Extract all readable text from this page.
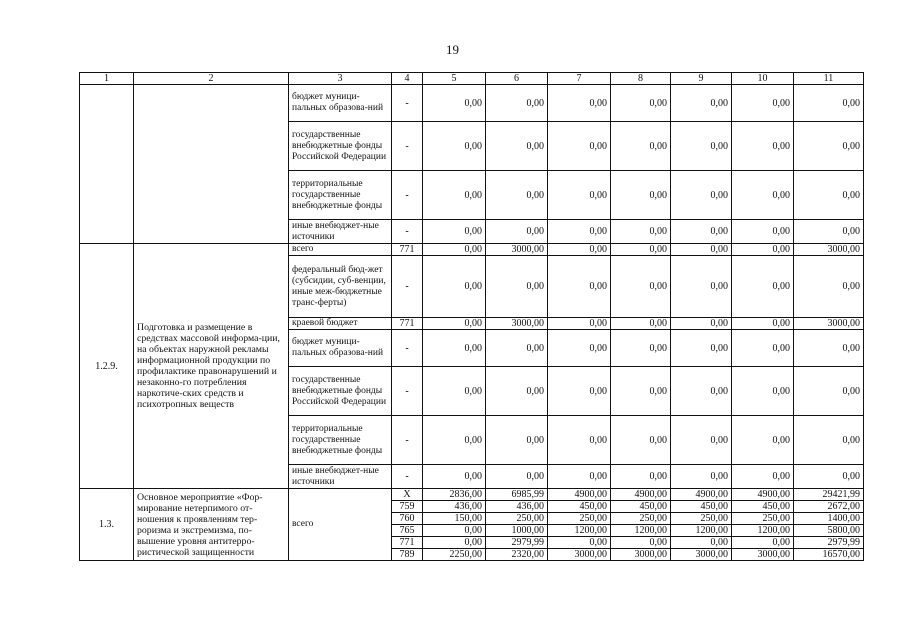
19
1	2	3	4	5	6	7	8	9	10	11
		бюджет муници-пальных образова-ний	-	0,00	0,00	0,00	0,00	0,00	0,00	0,00
		государственные внебюджетные фонды Российской Федерации	-	0,00	0,00	0,00	0,00	0,00	0,00	0,00
		территориальные государственные внебюджетные фонды	-	0,00	0,00	0,00	0,00	0,00	0,00	0,00
		иные внебюджет-ные источники	-	0,00	0,00	0,00	0,00	0,00	0,00	0,00
1.2.9.	Подготовка и размещение в средствах массовой информа-ции, на объектах наружной рекламы информационной продукции по профилактике правонарушений и незаконно-го потребления наркотиче-ских средств и психотропных веществ	всего	771	0,00	3000,00	0,00	0,00	0,00	0,00	3000,00
		федеральный бюд-жет (субсидии, суб-венции, иные меж-бюджетные транс-ферты)	-	0,00	0,00	0,00	0,00	0,00	0,00	0,00
		краевой бюджет	771	0,00	3000,00	0,00	0,00	0,00	0,00	3000,00
		бюджет муници-пальных образова-ний	-	0,00	0,00	0,00	0,00	0,00	0,00	0,00
		государственные внебюджетные фонды Российской Федерации	-	0,00	0,00	0,00	0,00	0,00	0,00	0,00
		территориальные государственные внебюджетные фонды	-	0,00	0,00	0,00	0,00	0,00	0,00	0,00
		иные внебюджет-ные источники	-	0,00	0,00	0,00	0,00	0,00	0,00	0,00
1.3.	Основное мероприятие «Фор-мирование нетерпимого от-ношения к проявлениям тер-роризма и экстремизма, по-вышение уровня антитерро-ристической защищенности	всего	X	2836,00	6985,99	4900,00	4900,00	4900,00	4900,00	29421,99
			759	436,00	436,00	450,00	450,00	450,00	450,00	2672,00
			760	150,00	250,00	250,00	250,00	250,00	250,00	1400,00
			765	0,00	1000,00	1200,00	1200,00	1200,00	1200,00	5800,00
			771	0,00	2979,99	0,00	0,00	0,00	0,00	2979,99
			789	2250,00	2320,00	3000,00	3000,00	3000,00	3000,00	16570,00
